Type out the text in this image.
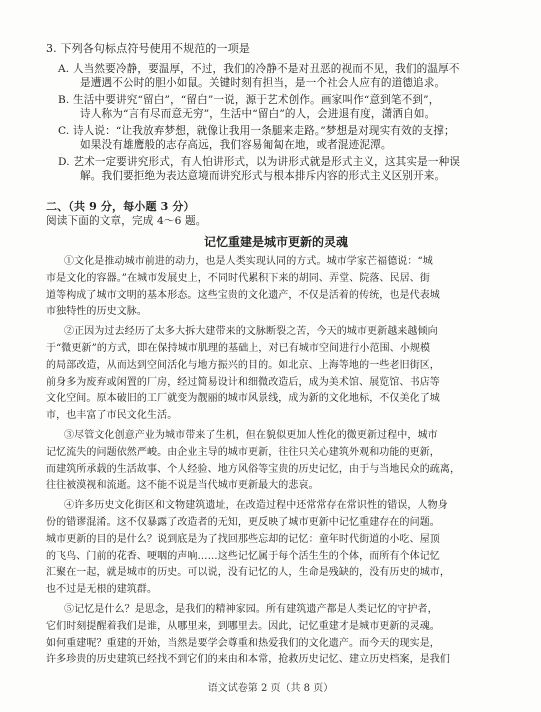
3. 下列各句标点符号使用不规范的一项是
A. 人当然要冷静，要温厚，不过，我们的冷静不是对丑恶的视而不见，我们的温厚不
是遭遇不公时的胆小如鼠。关键时刻有担当，是一个社会人应有的道德追求。
B. 生活中要讲究“留白”，“留白”一说，源于艺术创作。画家叫作“意到笔不到”，
诗人称为“言有尽而意无穷”，生活中“留白”的人，会进退有度，潇洒自如。
C. 诗人说：“让我放弃梦想，就像让我用一条腿来走路。”梦想是对现实有效的支撑；
如果没有雄鹰般的志存高远，我们容易匍匐在地，或者混迹泥潭。
D. 艺术一定要讲究形式，有人怕讲形式，以为讲形式就是形式主义，这其实是一种误
解。我们要拒绝为表达意境而讲究形式与根本排斥内容的形式主义区别开来。
二、（共 9 分，每小题 3 分）
阅读下面的文章，完成 4～6 题。
记忆重建是城市更新的灵魂
①文化是推动城市前进的动力，也是人类实现认同的方式。城市学家芒福德说：“城
市是文化的容器。”在城市发展史上，不同时代累积下来的胡同、弄堂、院落、民居、街
道等构成了城市文明的基本形态。这些宝贵的文化遗产，不仅是活着的传统，也是代表城
市独特性的历史文脉。
②正因为过去经历了太多大拆大建带来的文脉断裂之苦，今天的城市更新越来越倾向
于“微更新”的方式，即在保持城市肌理的基础上，对已有城市空间进行小范围、小规模
的局部改造，从而达到空间活化与地方振兴的目的。如北京、上海等地的一些老旧街区，
前身多为废弃或闲置的厂房，经过简易设计和细微改造后，成为美术馆、展览馆、书店等
文化空间。原本破旧的工厂就变为靓丽的城市风景线，成为新的文化地标，不仅美化了城
市，也丰富了市民文化生活。
③尽管文化创意产业为城市带来了生机，但在貌似更加人性化的微更新过程中，城市
记忆流失的问题依然严峻。由企业主导的城市更新，往往只关心建筑外观和功能的更新，
而建筑所承载的生活故事、个人经验、地方风俗等宝贵的历史记忆，由于与当地民众的疏离，
往往被漠视和流逝。这不能不说是当代城市更新最大的悲哀。
④许多历史文化街区和文物建筑遗址，在改造过程中还常常存在常识性的错误，人物身
份的错谬混淆。这不仅暴露了改造者的无知，更反映了城市更新中记忆重建存在的问题。
城市更新的目的是什么？说到底是为了找回那些忘却的记忆：童年时代街道的小吃、屋顶
的飞鸟、门前的花香、哽咽的声响……这些记忆属于每个活生生的个体，而所有个体记忆
汇聚在一起，就是城市的历史。可以说，没有记忆的人，生命是残缺的，没有历史的城市，
也不过是无根的建筑群。
⑤记忆是什么？是思念，是我们的精神家园。所有建筑遗产都是人类记忆的守护者，
它们时刻提醒着我们是谁，从哪里来，到哪里去。因此，记忆重建才是城市更新的灵魂。
如何重建呢？重建的开始，当然是要学会尊重和热爱我们的文化遗产。而今天的现实是，
许多珍贵的历史建筑已经找不到它们的来由和本常，抢救历史记忆、建立历史档案，是我们
语文试卷第 2 页（共 8 页）
